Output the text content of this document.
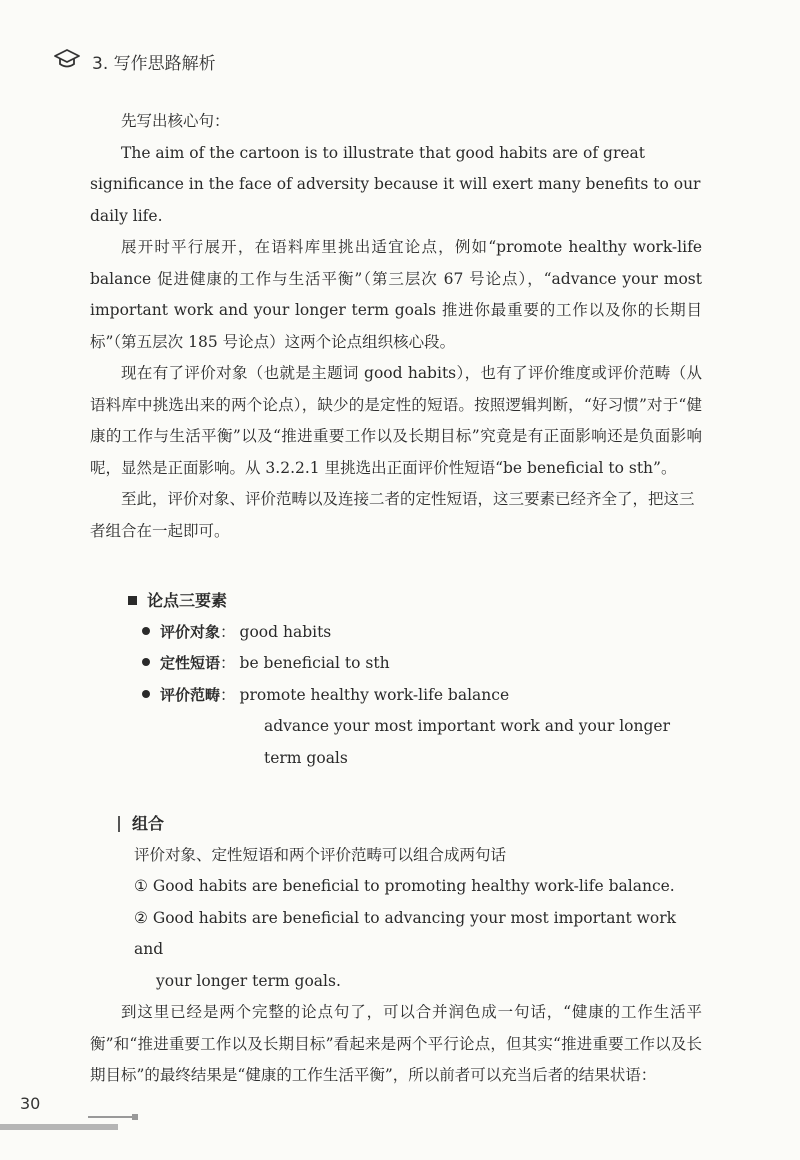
3. 写作思路解析

先写出核心句：

The aim of the cartoon is to illustrate that good habits are of great significance in the face of adversity because it will exert many benefits to our daily life.

展开时平行展开，在语料库里挑出适宜论点，例如“promote healthy work-life balance 促进健康的工作与生活平衡”（第三层次 67 号论点），“advance your most important work and your longer term goals 推进你最重要的工作以及你的长期目标”（第五层次 185 号论点）这两个论点组织核心段。

现在有了评价对象（也就是主题词 good habits），也有了评价维度或评价范畴（从语料库中挑选出来的两个论点），缺少的是定性的短语。按照逻辑判断，“好习惯”对于“健康的工作与生活平衡”以及“推进重要工作以及长期目标”究竟是有正面影响还是负面影响呢，显然是正面影响。从 3.2.2.1 里挑选出正面评价性短语“be beneficial to sth”。

至此，评价对象、评价范畴以及连接二者的定性短语，这三要素已经齐全了，把这三者组合在一起即可。

论点三要素
评价对象 ： good habits
定性短语 ： be beneficial to sth
评价范畴 ： promote healthy work-life balance
advance your most important work and your longer term goals
组合

评价对象、定性短语和两个评价范畴可以组合成两句话

① Good habits are beneficial to promoting healthy work-life balance.

② Good habits are beneficial to advancing your most important work and
your longer term goals.

到这里已经是两个完整的论点句了，可以合并润色成一句话，“健康的工作生活平衡”和“推进重要工作以及长期目标”看起来是两个平行论点，但其实“推进重要工作以及长期目标”的最终结果是“健康的工作生活平衡”，所以前者可以充当后者的结果状语：

30
